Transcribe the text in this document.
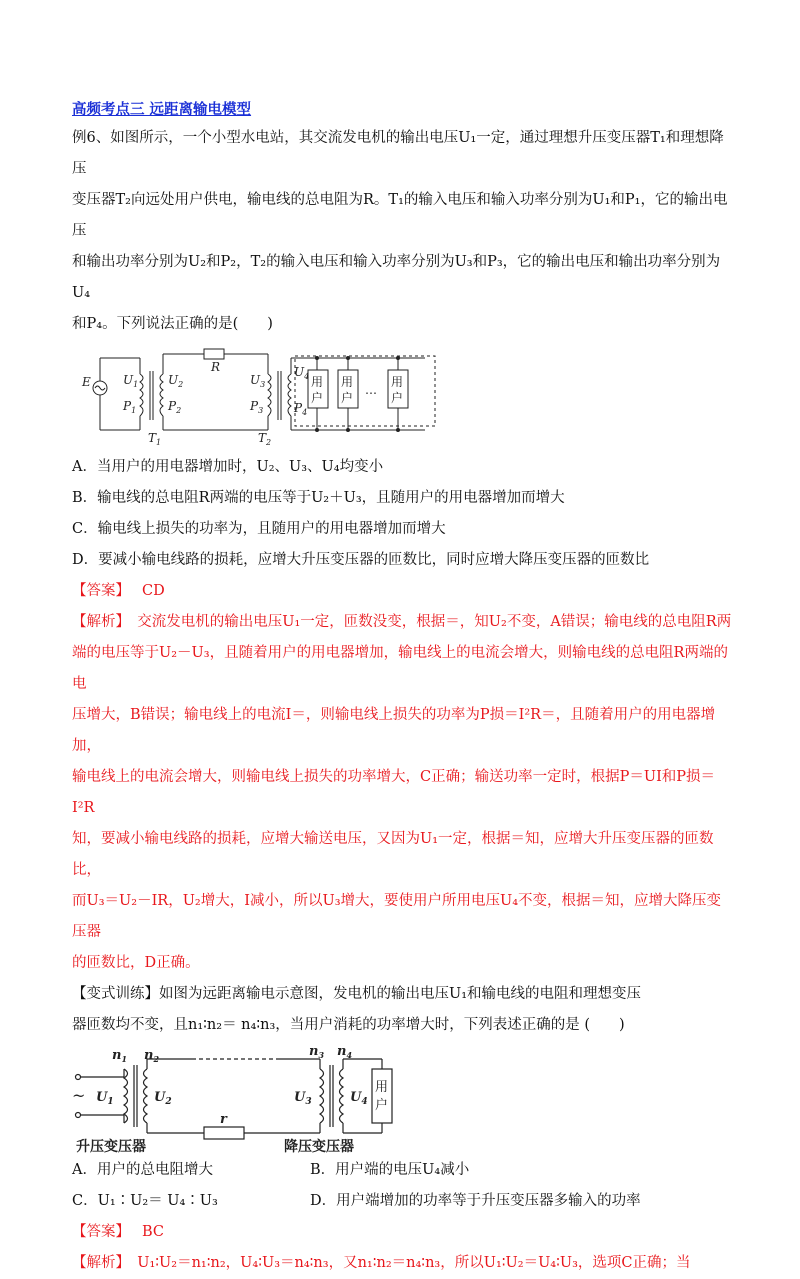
高频考点三 远距离输电模型

例6、如图所示，一个小型水电站，其交流发电机的输出电压U₁一定，通过理想升压变压器T₁和理想降压

变压器T₂向远处用户供电，输电线的总电阻为R。T₁的输入电压和输入功率分别为U₁和P₁，它的输出电压

和输出功率分别为U₂和P₂，T₂的输入电压和输入功率分别为U₃和P₃，它的输出电压和输出功率分别为U₄

和P₄。下列说法正确的是(　　)

E	$U_1$
$P_1$
$U_2$
$P_2$
R
$U_3$
$P_3$
$U_4$
$P_4$
$T_1$	$T_2$
用
户
用
户
…
用
户

A．当用户的用电器增加时，U₂、U₃、U₄均变小

B．输电线的总电阻R两端的电压等于U₂＋U₃，且随用户的用电器增加而增大

C．输电线上损失的功率为，且随用户的用电器增加而增大

D．要减小输电线路的损耗，应增大升压变压器的匝数比，同时应增大降压变压器的匝数比

【答案】 CD

【解析】　交流发电机的输出电压U₁一定，匝数没变，根据＝，知U₂不变，A错误；输电线的总电阻R两

端的电压等于U₂－U₃，且随着用户的用电器增加，输电线上的电流会增大，则输电线的总电阻R两端的电

压增大，B错误；输电线上的电流I＝，则输电线上损失的功率为P损＝I²R＝，且随着用户的用电器增加，

输电线上的电流会增大，则输电线上损失的功率增大，C正确；输送功率一定时，根据P＝UI和P损＝I²R

知，要减小输电线路的损耗，应增大输送电压，又因为U₁一定，根据＝知，应增大升压变压器的匝数比，

而U₃＝U₂－IR，U₂增大，I减小，所以U₃增大，要使用户所用电压U₄不变，根据＝知，应增大降压变压器

的匝数比，D正确。

【变式训练】如图为远距离输电示意图，发电机的输出电压U₁和输电线的电阻和理想变压

器匝数均不变，且n₁∶n₂＝ n₄∶n₃，当用户消耗的功率增大时，下列表述正确的是 (　　)

$n_1$ $n_2$	$n_3$ $n_4$
$U_1$	$U_2$	$U_3$	$U_4$
r
~	用
户
升压变压器	降压变压器
A．用户的总电阻增大	B．用户端的电压U₄减小
C．U₁∶U₂＝ U₄∶U₃	D．用户端增加的功率等于升压变压器多输入的功率

【答案】 BC

【解析】　U₁∶U₂＝n₁∶n₂，U₄∶U₃＝n₄∶n₃，又n₁∶n₂＝n₄∶n₃，所以U₁∶U₂＝U₄∶U₃，选项C正确；当
